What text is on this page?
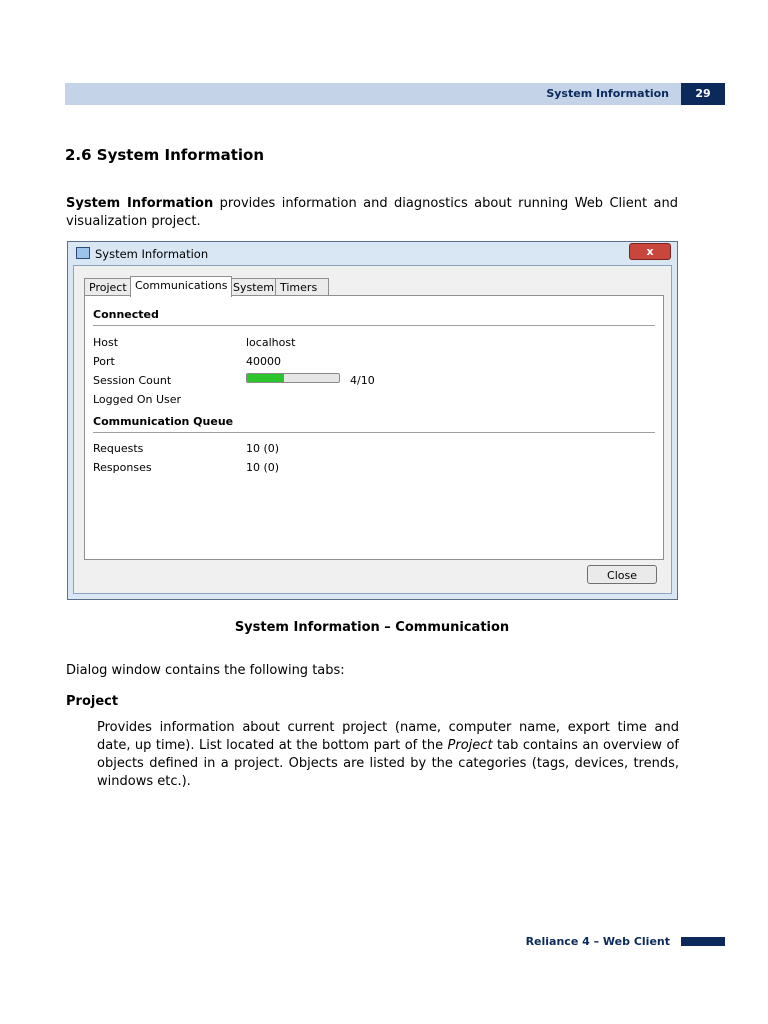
System Information	29
2.6 System Information
System Information provides information and diagnostics about running Web Client and visualization project.
System Information	x
Project Communications System Timers
Connected
Host	localhost
Port	40000
Session Count	4/10
Logged On User
Communication Queue
Requests	10 (0)
Responses	10 (0)
Close
System Information – Communication
Dialog window contains the following tabs:
Project
Provides information about current project (name, computer name, export time and date, up time). List located at the bottom part of the Project tab contains an overview of objects defined in a project. Objects are listed by the categories (tags, devices, trends, windows etc.).
Reliance 4 – Web Client
